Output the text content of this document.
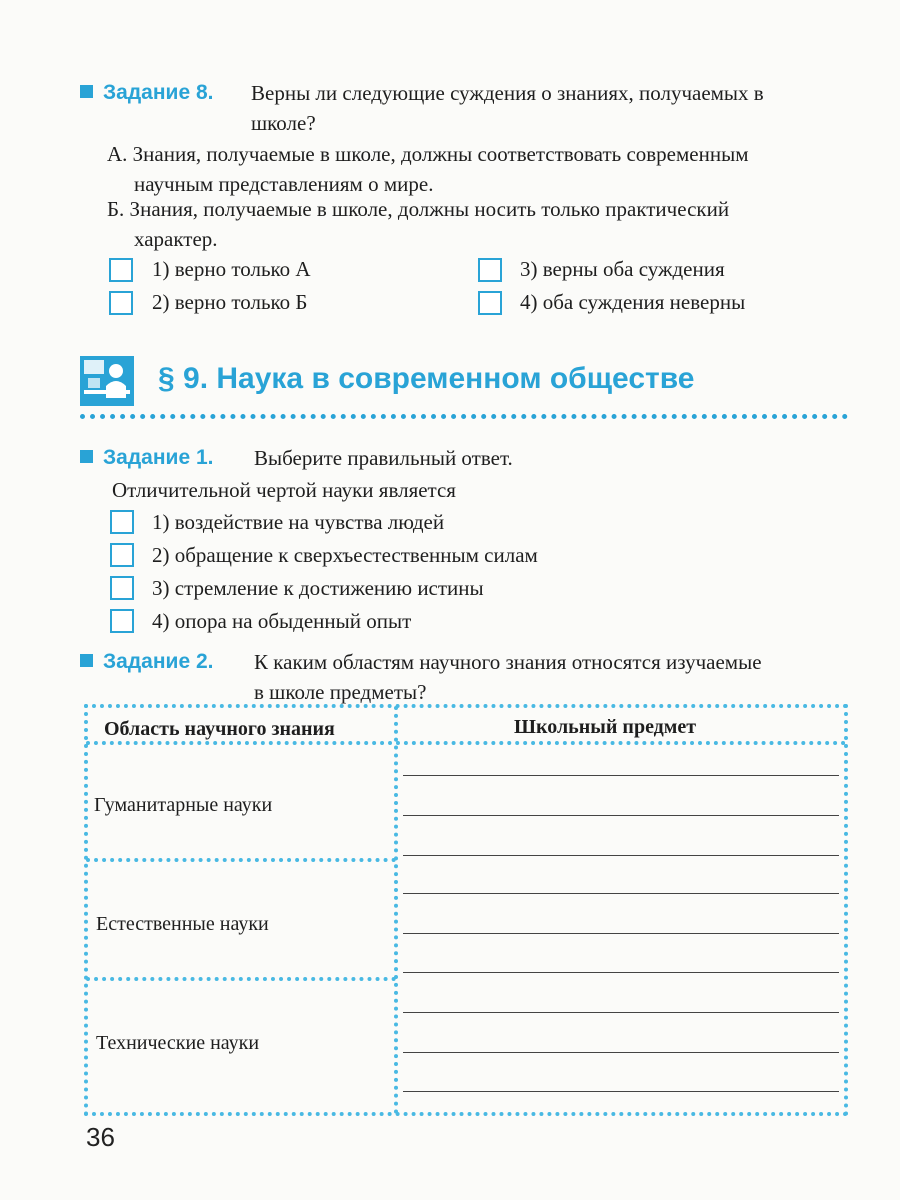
Задание 8. Верны ли следующие суждения о знаниях, получаемых в
школе?
А. Знания, получаемые в школе, должны соответствовать современным
научным представлениям о мире.
Б. Знания, получаемые в школе, должны носить только практический
характер.
1) верно только А
2) верно только Б
3) верны оба суждения
4) оба суждения неверны
§ 9. Наука в современном обществе
Задание 1. Выберите правильный ответ.
Отличительной чертой науки является
1) воздействие на чувства людей
2) обращение к сверхъестественным силам
3) стремление к достижению истины
4) опора на обыденный опыт
Задание 2. К каким областям научного знания относятся изучаемые
в школе предметы?
Область научного знания	Школьный предмет
Гуманитарные науки
Естественные науки
Технические науки
36
